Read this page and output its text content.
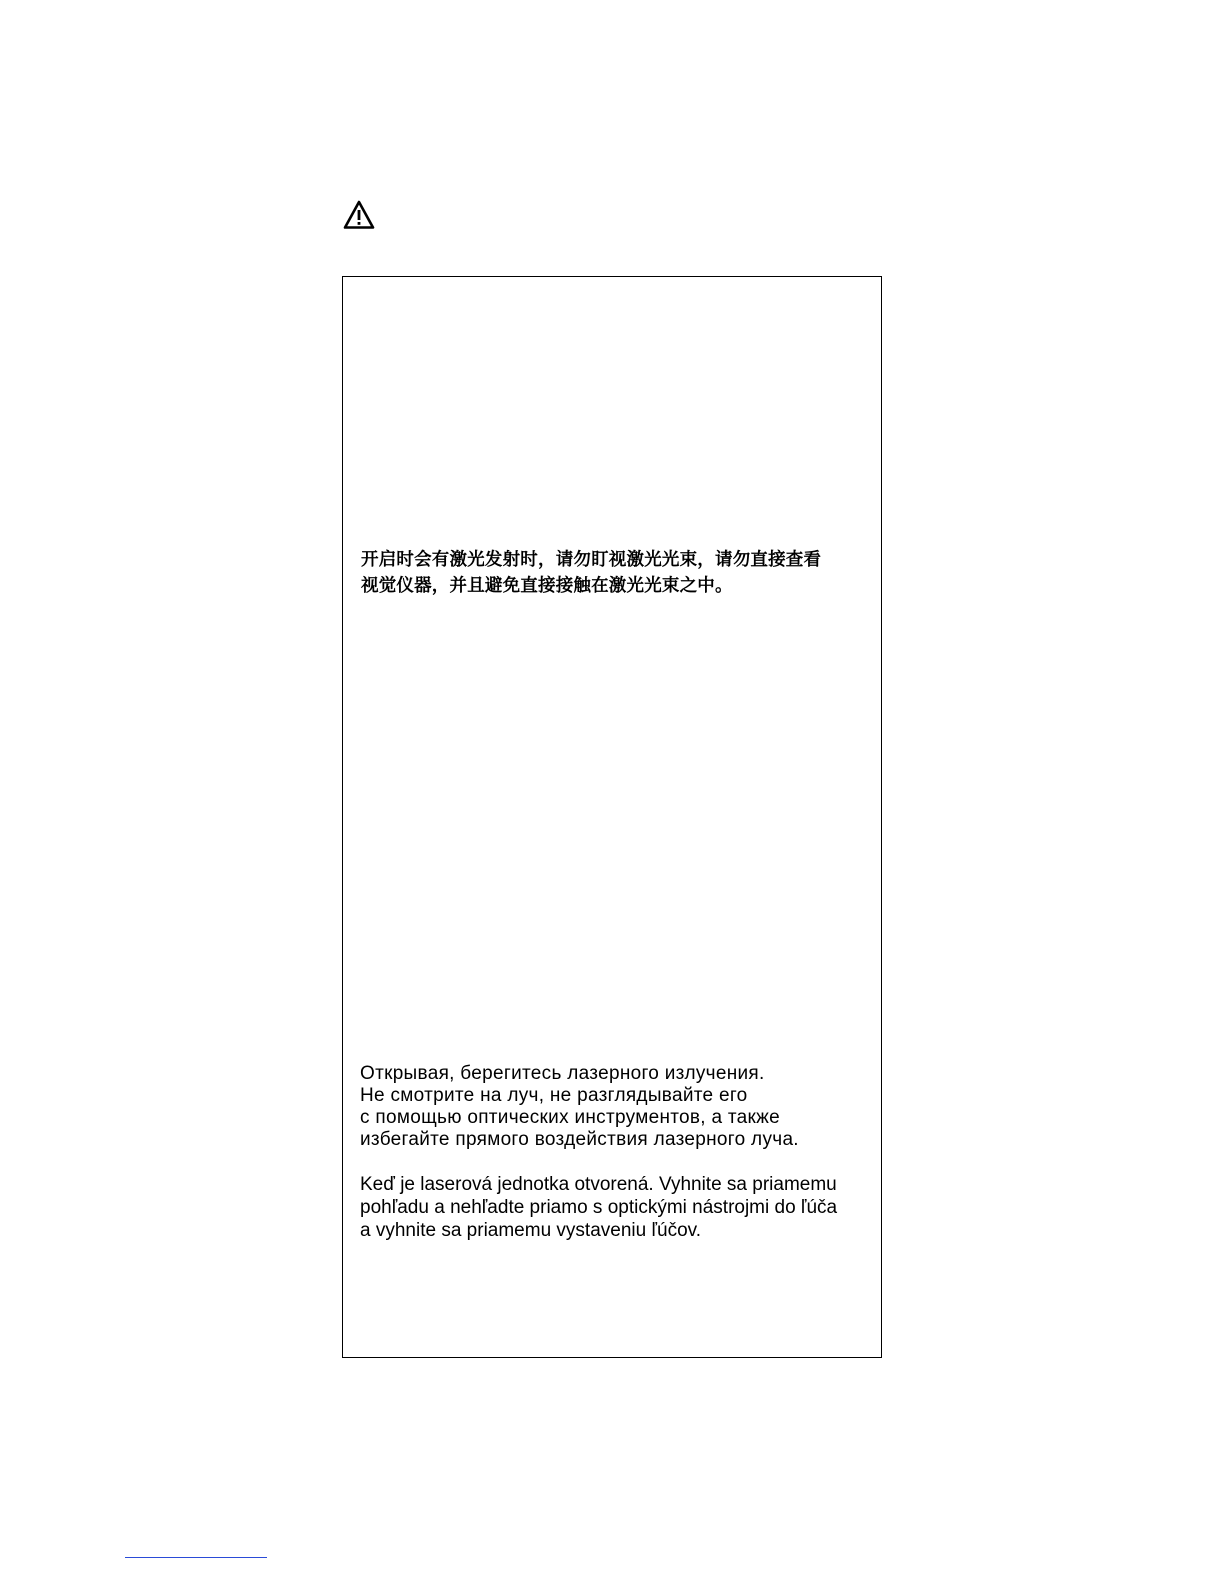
开启时会有激光发射时，请勿盯视激光光束，请勿直接查看
视觉仪器，并且避免直接接触在激光光束之中。
Открывая, берегитесь лазерного излучения.
Не смотрите на луч, не разглядывайте его
с помощью оптических инструментов, а также
избегайте прямого воздействия лазерного луча.
Keď je laserová jednotka otvorená. Vyhnite sa priamemu
pohľadu a nehľadte priamo s optickými nástrojmi do ľúča
a vyhnite sa priamemu vystaveniu ľúčov.
